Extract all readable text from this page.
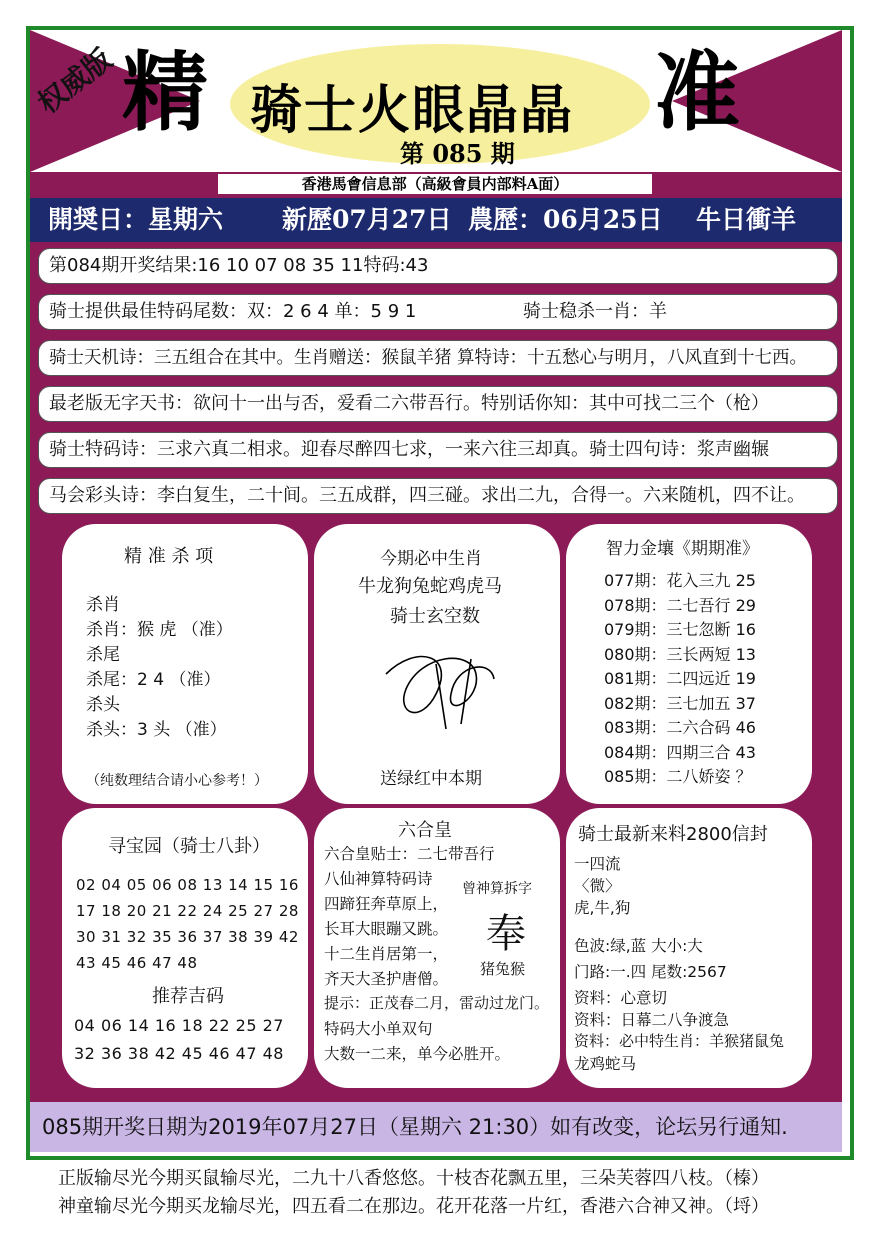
权威版 精	准
骑士火眼晶晶
第 085 期
香港馬會信息部（高級會員内部料A面）
開奨日：星期六 新歷07月27日 農歷：06月25日 牛日衝羊
第084期开奖结果:16 10 07 08 35 11特码:43
骑士提供最佳特码尾数：双：2 6 4 单：5 9 1	骑士稳杀一肖：羊
骑士天机诗：三五组合在其中。生肖赠送：猴鼠羊猪 算特诗：十五愁心与明月，八风直到十七西。
最老版无字天书：欲问十一出与否，爱看二六带吾行。特别话你知：其中可找二三个（枪）
骑士特码诗：三求六真二相求。迎春尽醉四七求，一来六往三却真。骑士四句诗：浆声幽辗
马会彩头诗：李白复生，二十间。三五成群，四三碰。求出二九，合得一。六来随机，四不让。
精 准 杀 项
杀肖
杀肖：猴 虎 （准）
杀尾
杀尾：2 4 （准）
杀头
杀头：3 头 （准）
（纯数理结合请小心参考！）
今期必中生肖
牛龙狗兔蛇鸡虎马
骑士玄空数
送绿红中本期
智力金壤《期期准》
077期：花入三九 25
078期：二七吾行 29
079期：三七忽断 16
080期：三长两短 13
081期：二四远近 19
082期：三七加五 37
083期：二六合码 46
084期：四期三合 43
085期：二八娇姿 ？
寻宝园（骑士八卦）
02 04 05 06 08 13 14 15 16
17 18 20 21 22 24 25 27 28
30 31 32 35 36 37 38 39 42
43 45 46 47 48
推荐吉码
04 06 14 16 18 22 25 27
32 36 38 42 45 46 47 48
六合皇
六合皇贴士：二七带吾行
八仙神算特码诗
四蹄狂奔草原上，
长耳大眼蹦又跳。
十二生肖居第一，
齐天大圣护唐僧。
提示：正茂春二月，雷动过龙门。
特码大小单双句
大数一二来，单今必胜开。
曾神算拆字
奉
猪兔猴
骑士最新来料2800信封
一四流
〈微〉
虎,牛,狗
色波:绿,蓝 大小:大
门路:一.四 尾数:2567
资料：心意切
资料：日幕二八争渡急
资料：必中特生肖：羊猴猪鼠兔
龙鸡蛇马
085期开奖日期为2019年07月27日（星期六 21:30）如有改变，论坛另行通知.
正版输尽光今期买鼠输尽光，二九十八香悠悠。十枝杏花飘五里，三朵芙蓉四八枝。（榛）
神童输尽光今期买龙输尽光，四五看二在那边。花开花落一片红，香港六合神又神。（埒）
